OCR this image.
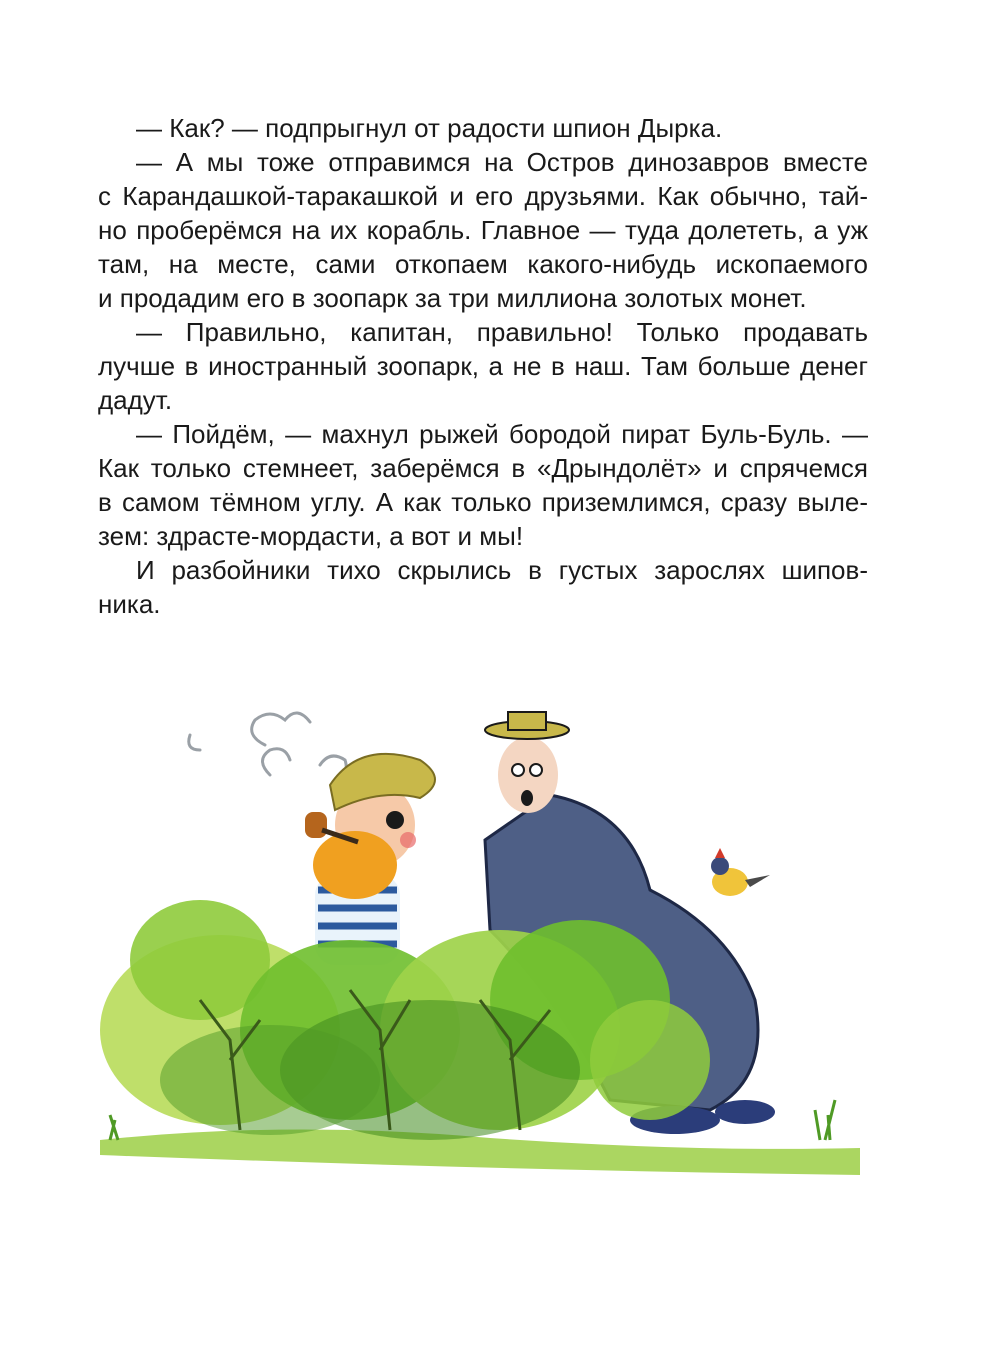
— Как? — подпрыгнул от радости шпион Дырка.
— А мы тоже отправимся на Остров динозавров вместе
с Карандашкой-таракашкой и его друзьями. Как обычно, тай-
но проберёмся на их корабль. Главное — туда долететь, а уж
там, на месте, сами откопаем какого-нибудь ископаемого
и продадим его в зоопарк за три миллиона золотых монет.
— Правильно, капитан, правильно! Только продавать
лучше в иностранный зоопарк, а не в наш. Там больше денег
дадут.
— Пойдём, — махнул рыжей бородой пират Буль-Буль. —
Как только стемнеет, заберёмся в «Дрындолёт» и спрячемся
в самом тёмном углу. А как только приземлимся, сразу выле-
зем: здрасте-мордасти, а вот и мы!
И разбойники тихо скрылись в густых зарослях шипов-
ника.
